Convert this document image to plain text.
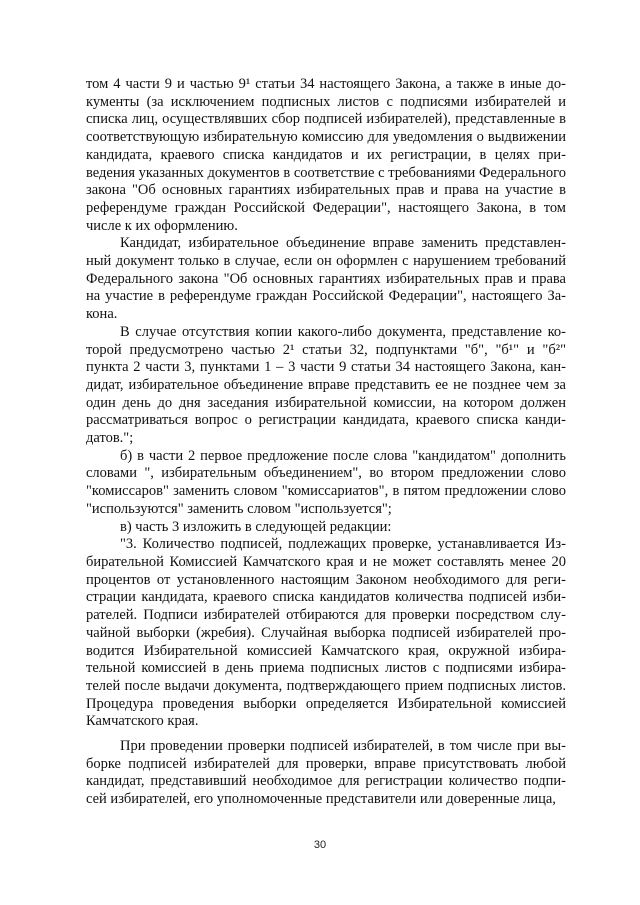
том 4 части 9 и частью 9¹ статьи 34 настоящего Закона, а также в иные документы (за исключением подписных листов с подписями избирателей и списка лиц, осуществлявших сбор подписей избирателей), представленные в соответствующую избирательную комиссию для уведомления о выдвижении кандидата, краевого списка кандидатов и их регистрации, в целях приведения указанных документов в соответствие с требованиями Федерального закона "Об основных гарантиях избирательных прав и права на участие в референдуме граждан Российской Федерации", настоящего Закона, в том числе к их оформлению.

Кандидат, избирательное объединение вправе заменить представленный документ только в случае, если он оформлен с нарушением требований Федерального закона "Об основных гарантиях избирательных прав и права на участие в референдуме граждан Российской Федерации", настоящего Закона.

В случае отсутствия копии какого-либо документа, представление которой предусмотрено частью 2¹ статьи 32, подпунктами "б", "б¹" и "б²" пункта 2 части 3, пунктами 1 – 3 части 9 статьи 34 настоящего Закона, кандидат, избирательное объединение вправе представить ее не позднее чем за один день до дня заседания избирательной комиссии, на котором должен рассматриваться вопрос о регистрации кандидата, краевого списка кандидатов.";

б) в части 2 первое предложение после слова "кандидатом" дополнить словами ", избирательным объединением", во втором предложении слово "комиссаров" заменить словом "комиссариатов", в пятом предложении слово "используются" заменить словом "используется";

в) часть 3 изложить в следующей редакции:

"3. Количество подписей, подлежащих проверке, устанавливается Избирательной Комиссией Камчатского края и не может составлять менее 20 процентов от установленного настоящим Законом необходимого для регистрации кандидата, краевого списка кандидатов количества подписей избирателей. Подписи избирателей отбираются для проверки посредством случайной выборки (жребия). Случайная выборка подписей избирателей проводится Избирательной комиссией Камчатского края, окружной избирательной комиссией в день приема подписных листов с подписями избирателей после выдачи документа, подтверждающего прием подписных листов. Процедура проведения выборки определяется Избирательной комиссией Камчатского края.

При проведении проверки подписей избирателей, в том числе при выборке подписей избирателей для проверки, вправе присутствовать любой кандидат, представивший необходимое для регистрации количество подписей избирателей, его уполномоченные представители или доверенные лица,

30
